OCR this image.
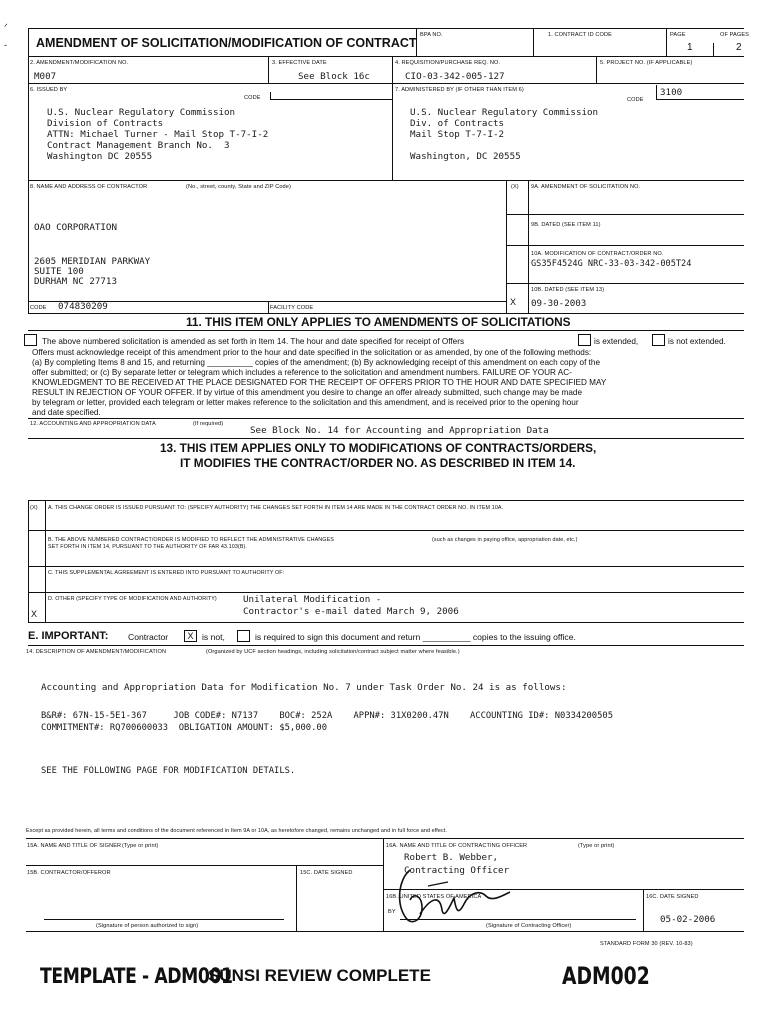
ᐟ
- AMENDMENT OF SOLICITATION/MODIFICATION OF CONTRACT
BPA NO.	1. CONTRACT ID CODE	PAGE	OF PAGES
1	2
2. AMENDMENT/MODIFICATION NO.
M007
3. EFFECTIVE DATE
See Block 16c
4. REQUISITION/PURCHASE REQ. NO.
CIO-03-342-005-127
5. PROJECT NO. (IF APPLICABLE)
6. ISSUED BY
CODE
U.S. Nuclear Regulatory Commission
Division of Contracts
ATTN: Michael Turner - Mail Stop T-7-I-2
Contract Management Branch No.  3
Washington DC 20555
7. ADMINISTERED BY (IF OTHER THAN ITEM 6)
CODE
3100
U.S. Nuclear Regulatory Commission
Div. of Contracts
Mail Stop T-7-I-2
Washington, DC 20555
8. NAME AND ADDRESS OF CONTRACTOR	(No., street, county, State and ZIP Code)	(X)
OAO CORPORATION
2605 MERIDIAN PARKWAY
SUITE 100
DURHAM NC 27713
9A. AMENDMENT OF SOLICITATION NO.
9B. DATED (SEE ITEM 11)
10A. MODIFICATION OF CONTRACT/ORDER NO.
GS35F4524G NRC-33-03-342-005T24
10B. DATED (SEE ITEM 13)
09-30-2003
X
CODE 074830209	FACILITY CODE
11. THIS ITEM ONLY APPLIES TO AMENDMENTS OF SOLICITATIONS
The above numbered solicitation is amended as set forth in Item 14. The hour and date specified for receipt of Offers	is extended,	is not extended.
Offers must acknowledge receipt of this amendment prior to the hour and date specified in the solicitation or as amended, by one of the following methods:
(a) By completing Items 8 and 15, and returning __________ copies of the amendment; (b) By acknowledging receipt of this amendment on each copy of the
offer submitted; or (c) By separate letter or telegram which includes a reference to the solicitation and amendment numbers. FAILURE OF YOUR AC-
KNOWLEDGMENT TO BE RECEIVED AT THE PLACE DESIGNATED FOR THE RECEIPT OF OFFERS PRIOR TO THE HOUR AND DATE SPECIFIED MAY
RESULT IN REJECTION OF YOUR OFFER. If by virtue of this amendment you desire to change an offer already submitted, such change may be made
by telegram or letter, provided each telegram or letter makes reference to the solicitation and this amendment, and is received prior to the opening hour
and date specified.
12. ACCOUNTING AND APPROPRIATION DATA	(If required)
See Block No. 14 for Accounting and Appropriation Data
13. THIS ITEM APPLIES ONLY TO MODIFICATIONS OF CONTRACTS/ORDERS,
IT MODIFIES THE CONTRACT/ORDER NO. AS DESCRIBED IN ITEM 14.
(X) A. THIS CHANGE ORDER IS ISSUED PURSUANT TO: (SPECIFY AUTHORITY) THE CHANGES SET FORTH IN ITEM 14 ARE MADE IN THE CONTRACT ORDER NO. IN ITEM 10A.
B. THE ABOVE NUMBERED CONTRACT/ORDER IS MODIFIED TO REFLECT THE ADMINISTRATIVE CHANGES	(such as changes in paying office, appropriation date, etc.)
SET FORTH IN ITEM 14, PURSUANT TO THE AUTHORITY OF FAR 43.103(B).
C. THIS SUPPLEMENTAL AGREEMENT IS ENTERED INTO PURSUANT TO AUTHORITY OF:
D. OTHER (SPECIFY TYPE OF MODIFICATION AND AUTHORITY)	Unilateral Modification -
Contractor's e-mail dated March 9, 2006
X
E. IMPORTANT: Contractor	X is not,	is required to sign this document and return __________ copies to the issuing office.
14. DESCRIPTION OF AMENDMENT/MODIFICATION	(Organized by UCF section headings, including solicitation/contract subject matter where feasible.)
Accounting and Appropriation Data for Modification No. 7 under Task Order No. 24 is as follows:
B&R#: 67N-15-5E1-367     JOB CODE#: N7137    BOC#: 252A    APPN#: 31X0200.47N    ACCOUNTING ID#: N0334200505
COMMITMENT#: RQ700600033  OBLIGATION AMOUNT: $5,000.00
SEE THE FOLLOWING PAGE FOR MODIFICATION DETAILS.
Except as provided herein, all terms and conditions of the document referenced in Item 9A or 10A, as heretofore changed, remains unchanged and in full force and effect.
15A. NAME AND TITLE OF SIGNER (Type or print)	16A. NAME AND TITLE OF CONTRACTING OFFICER	(Type or print)
Robert B. Webber,
Contracting Officer
15B. CONTRACTOR/OFFEROR
(Signature of person authorized to sign)
15C. DATE SIGNED
16B. UNITED STATES OF AMERICA
BY
(Signature of Contracting Officer)
16C. DATE SIGNED
05-02-2006
STANDARD FORM 30 (REV. 10-83)
TEMPLATE - ADM001
SUNSI REVIEW COMPLETE	ADM002
